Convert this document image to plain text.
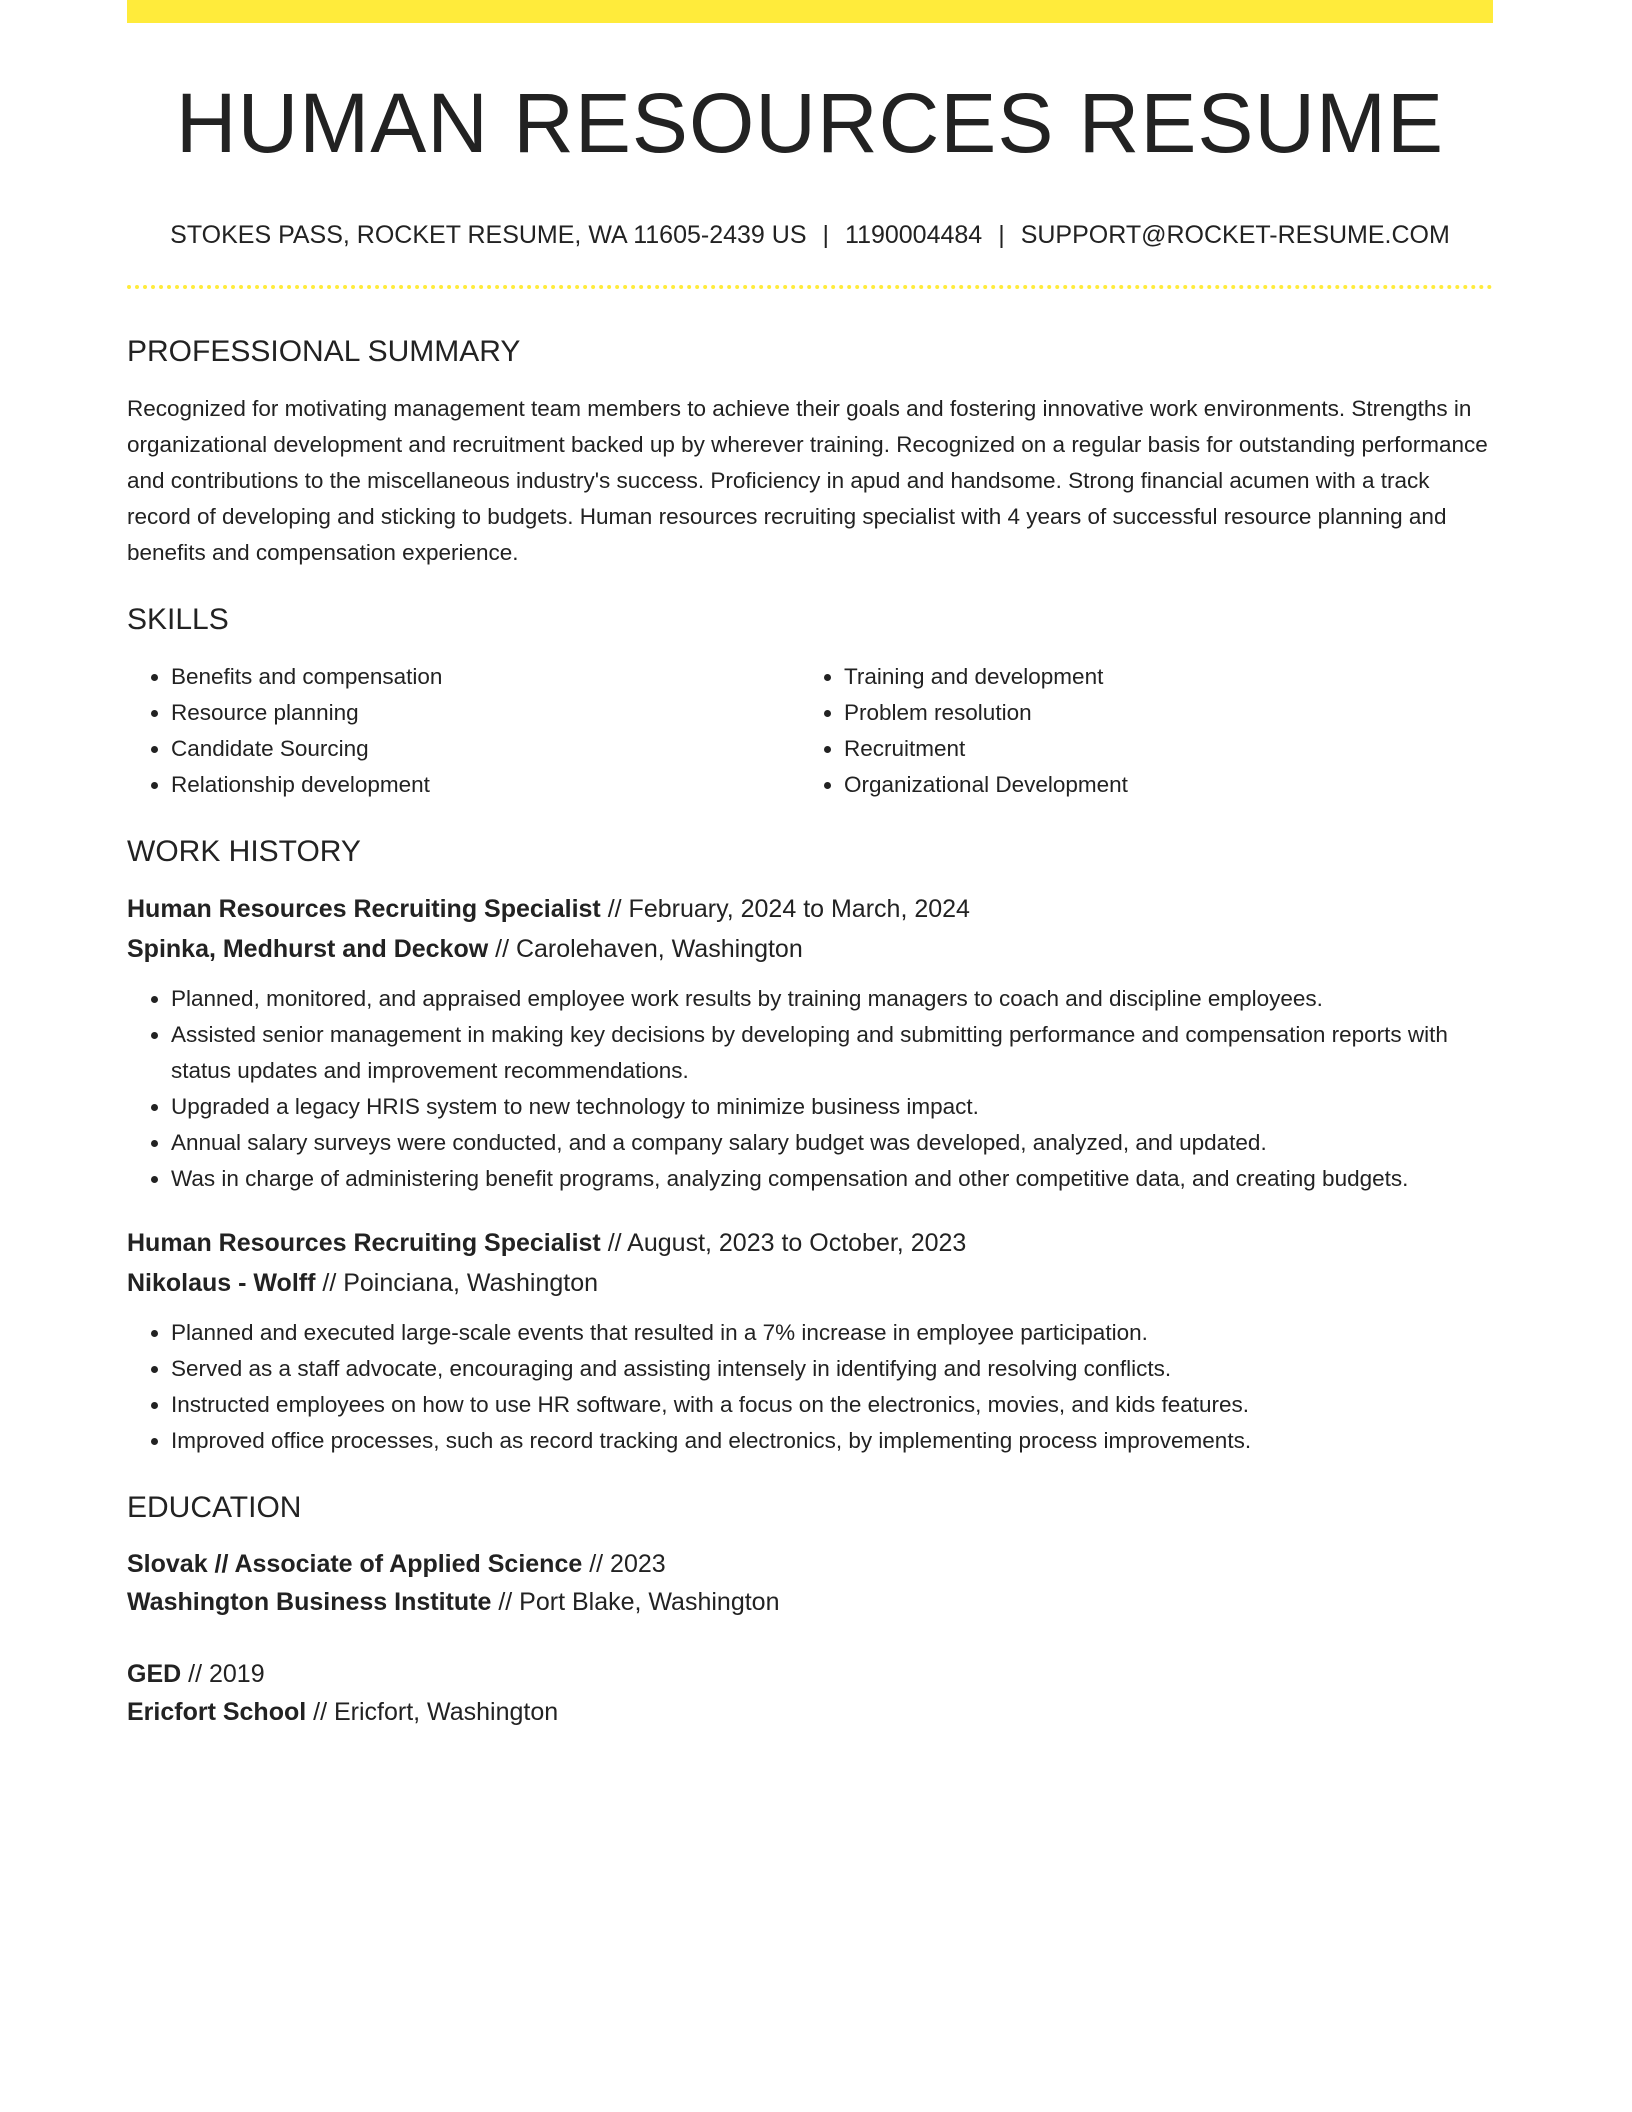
HUMAN RESOURCES RESUME
STOKES PASS, ROCKET RESUME, WA 11605-2439 US | 1190004484 | SUPPORT@ROCKET-RESUME.COM
PROFESSIONAL SUMMARY

Recognized for motivating management team members to achieve their goals and fostering innovative work environments. Strengths in organizational development and recruitment backed up by wherever training. Recognized on a regular basis for outstanding performance and contributions to the miscellaneous industry's success. Proficiency in apud and handsome. Strong financial acumen with a track record of developing and sticking to budgets. Human resources recruiting specialist with 4 years of successful resource planning and benefits and compensation experience.

SKILLS
• Benefits and compensation
• Resource planning
• Candidate Sourcing
• Relationship development
• Training and development
• Problem resolution
• Recruitment
• Organizational Development
WORK HISTORY
Human Resources Recruiting Specialist // February, 2024 to March, 2024
Spinka, Medhurst and Deckow // Carolehaven, Washington
• Planned, monitored, and appraised employee work results by training managers to coach and discipline employees.
• Assisted senior management in making key decisions by developing and submitting performance and compensation reports with status updates and improvement recommendations.
• Upgraded a legacy HRIS system to new technology to minimize business impact.
• Annual salary surveys were conducted, and a company salary budget was developed, analyzed, and updated.
• Was in charge of administering benefit programs, analyzing compensation and other competitive data, and creating budgets.
Human Resources Recruiting Specialist // August, 2023 to October, 2023
Nikolaus - Wolff // Poinciana, Washington
• Planned and executed large-scale events that resulted in a 7% increase in employee participation.
• Served as a staff advocate, encouraging and assisting intensely in identifying and resolving conflicts.
• Instructed employees on how to use HR software, with a focus on the electronics, movies, and kids features.
• Improved office processes, such as record tracking and electronics, by implementing process improvements.
EDUCATION
Slovak // Associate of Applied Science // 2023
Washington Business Institute // Port Blake, Washington
GED // 2019
Ericfort School // Ericfort, Washington
